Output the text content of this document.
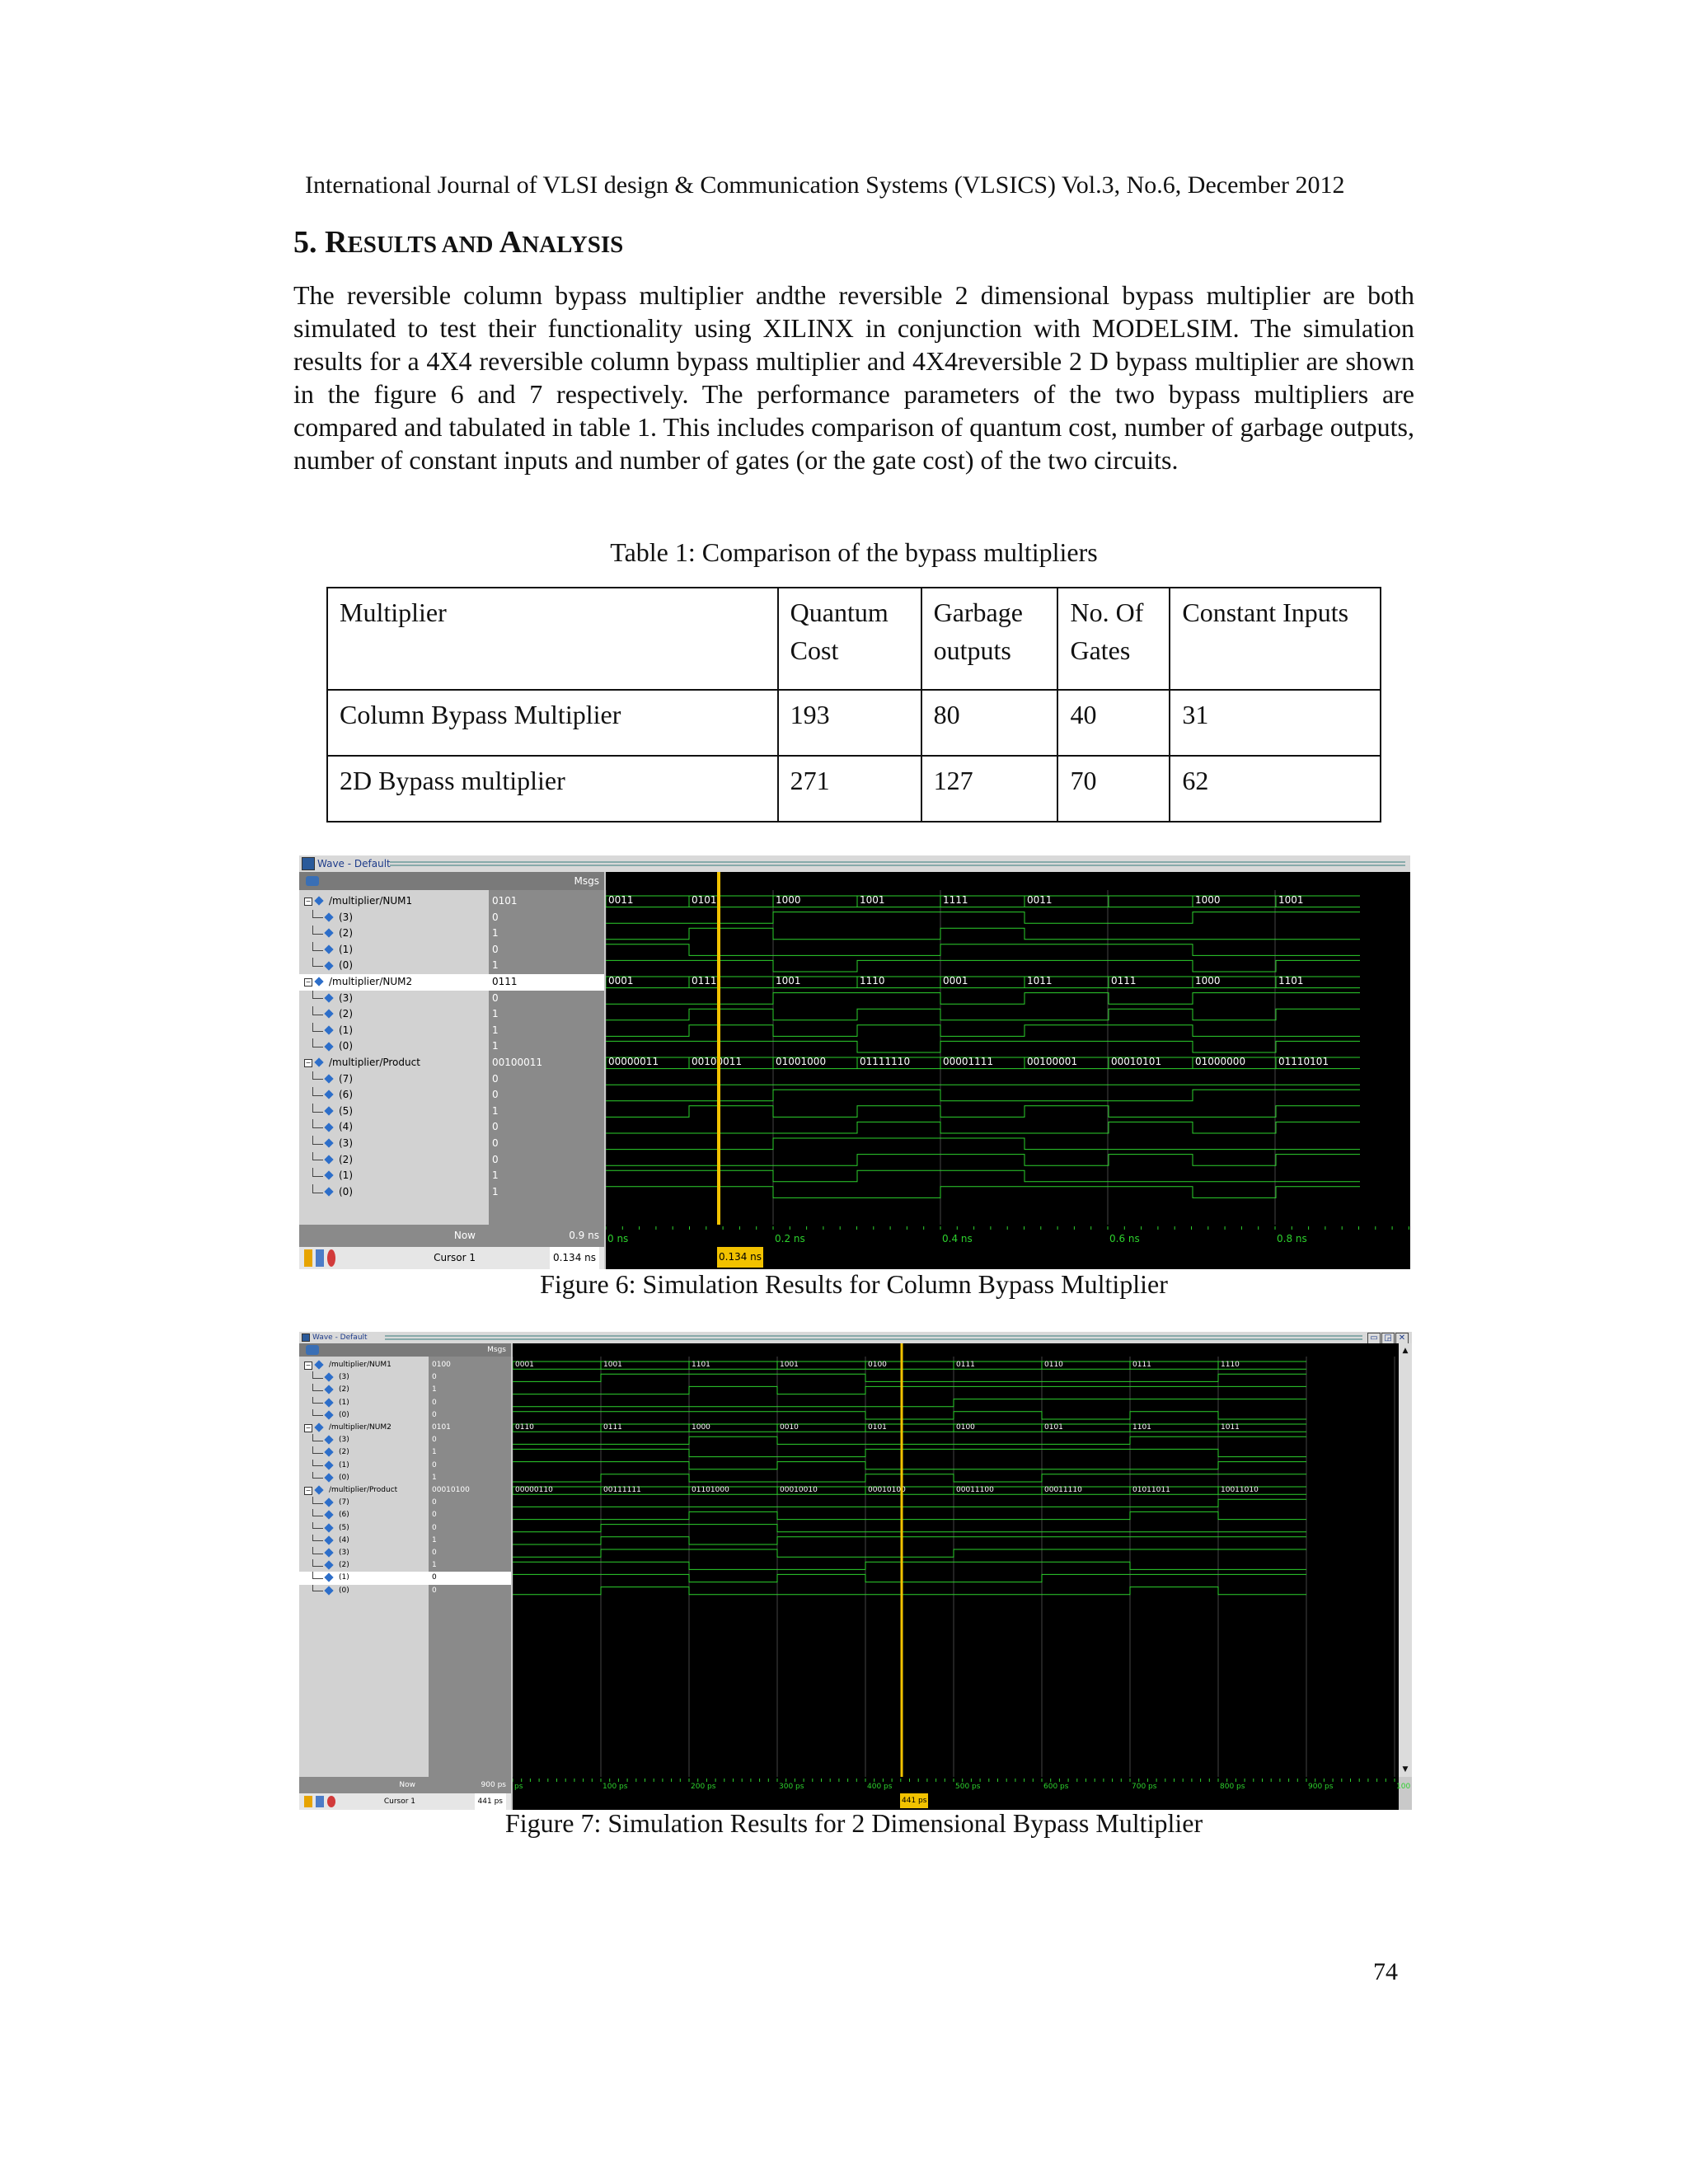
International Journal of VLSI design & Communication Systems (VLSICS) Vol.3, No.6, December 2012
5. RESULTS AND ANALYSIS
The reversible column bypass multiplier andthe reversible 2 dimensional bypass multiplier are both simulated to test their functionality using XILINX in conjunction with MODELSIM. The simulation results for a 4X4 reversible column bypass multiplier and 4X4reversible 2 D bypass multiplier are shown in the figure 6 and 7 respectively. The performance parameters of the two bypass multipliers are compared and tabulated in table 1. This includes comparison of quantum cost, number of garbage outputs, number of constant inputs and number of gates (or the gate cost) of the two circuits.
Table 1: Comparison of the bypass multipliers
Multiplier	Quantum Cost	Garbage outputs	No. Of Gates	Constant Inputs
Column Bypass Multiplier	193	80	40	31
2D Bypass multiplier	271	127	70	62
Wave - Default
Msgs
− /multiplier/NUM1
(3)
(2)
(1)
(0)
− /multiplier/NUM2
(3)
(2)
(1)
(0)
− /multiplier/Product
(7)
(6)
(5)
(4)
(3)
(2)
(1)
(0)
0101
0
1
0
1
0111
0
1
1
1
00100011
0
0
1
0
0
0
1
1
0011	0101	1000	1001	1111	0011	1000	1001
0001	0111	1001	1110	0001	1011	0111	1000	1101
00000011	00100011	01001000	01111110	00001111	00100001	00010101	01000000	01110101
Now	0.9 ns
Cursor 1	0.134 ns
0 ns	0.2 ns	0.4 ns	0.6 ns	0.8 ns
0.134 ns
Figure 6: Simulation Results for Column Bypass Multiplier
Wave - Default	▭ ◲ ✕
Msgs
− /multiplier/NUM1
(3)
(2)
(1)
(0)
− /multiplier/NUM2
(3)
(2)
(1)
(0)
− /multiplier/Product
(7)
(6)
(5)
(4)
(3)
(2)
(1)
(0)
0100
0
1
0
0
0101
0
1
0
1
00010100
0
0
0
1
0
1
0
0
0001	1001	1101	1001	0100	0111	0110	0111	1110
0110	0111	1000	0010	0101	0100	0101	1101	1011
00000110	00111111	01101000	00010010	00010100	00011100	00011110	01011011	10011010
▲
▼
Now	900 ps
Cursor 1	441 ps
ps	100 ps	200 ps	300 ps	400 ps	500 ps	600 ps	700 ps	800 ps	900 ps	100
441 ps
Figure 7: Simulation Results for 2 Dimensional Bypass Multiplier
74
